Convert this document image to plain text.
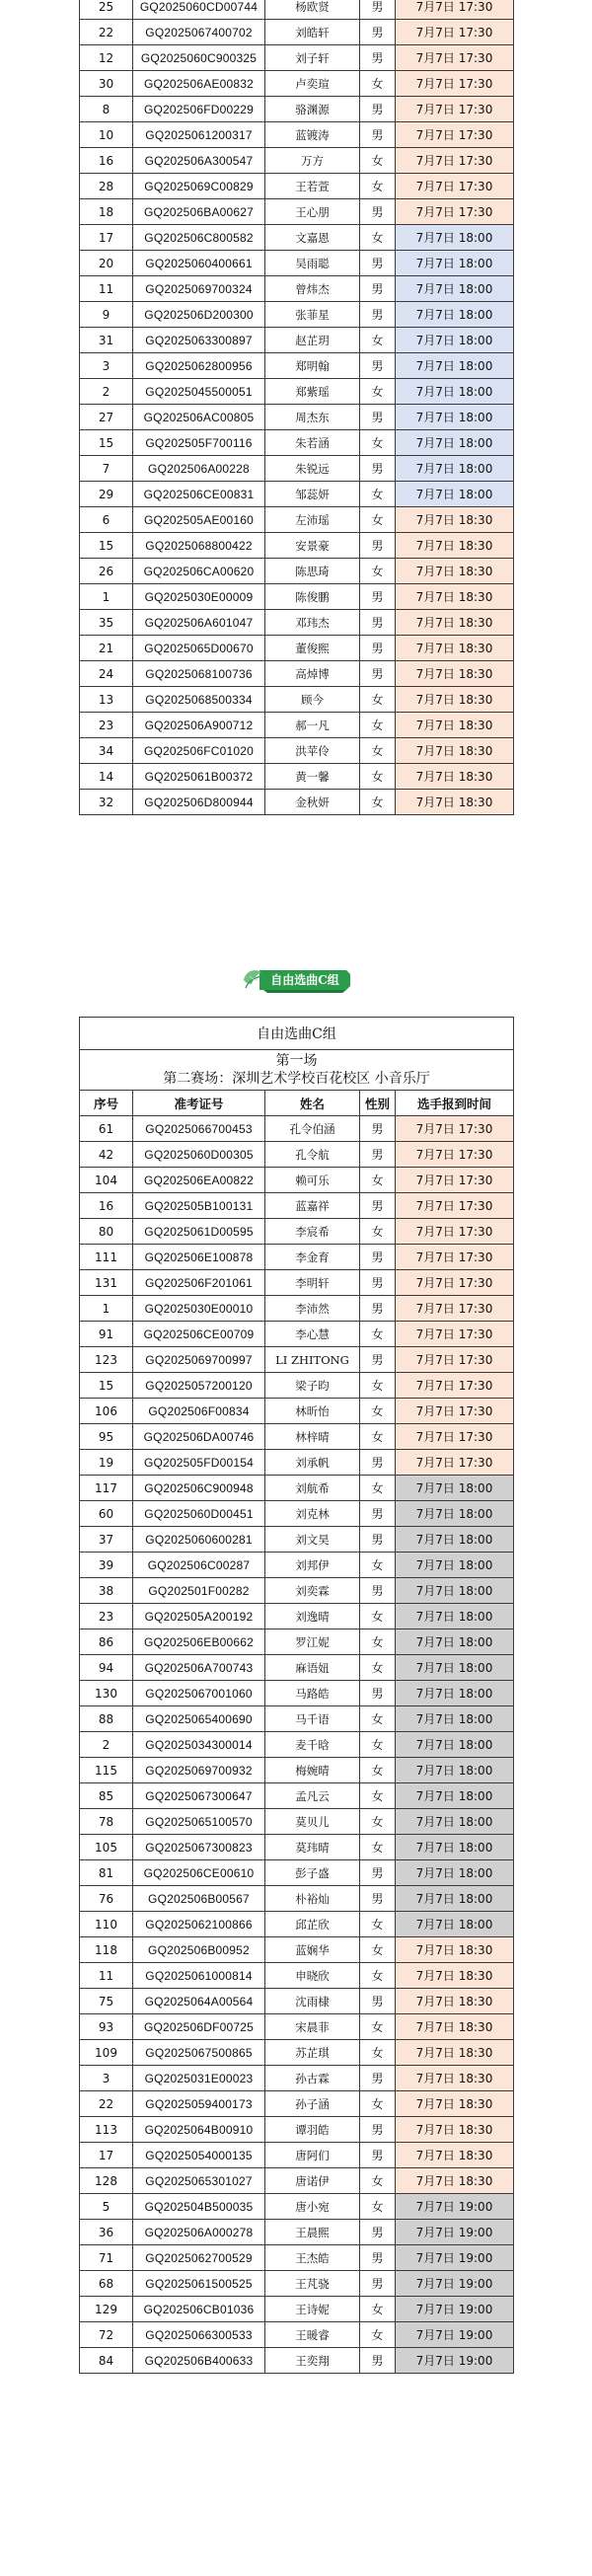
25	GQ2025060CD00744	杨欧贤	男	7月7日 17:30
22	GQ2025067400702	刘皓轩	男	7月7日 17:30
12	GQ2025060C900325	刘子轩	男	7月7日 17:30
30	GQ202506AE00832	卢奕瑄	女	7月7日 17:30
8	GQ202506FD00229	骆渊源	男	7月7日 17:30
10	GQ2025061200317	蓝镀涛	男	7月7日 17:30
16	GQ202506A300547	万方	女	7月7日 17:30
28	GQ2025069C00829	王若萱	女	7月7日 17:30
18	GQ202506BA00627	王心朋	男	7月7日 17:30
17	GQ202506C800582	文嘉恩	女	7月7日 18:00
20	GQ2025060400661	吴雨聪	男	7月7日 18:00
11	GQ2025069700324	曾炜杰	男	7月7日 18:00
9	GQ202506D200300	张菲星	男	7月7日 18:00
31	GQ2025063300897	赵芷玥	女	7月7日 18:00
3	GQ2025062800956	郑明翰	男	7月7日 18:00
2	GQ2025045500051	郑紫瑶	女	7月7日 18:00
27	GQ202506AC00805	周杰东	男	7月7日 18:00
15	GQ202505F700116	朱若涵	女	7月7日 18:00
7	GQ202506A00228	朱锐远	男	7月7日 18:00
29	GQ202506CE00831	邹蕊妍	女	7月7日 18:00
6	GQ202505AE00160	左沛瑶	女	7月7日 18:30
15	GQ2025068800422	安景豪	男	7月7日 18:30
26	GQ202506CA00620	陈思琦	女	7月7日 18:30
1	GQ2025030E00009	陈俊鹏	男	7月7日 18:30
35	GQ202506A601047	邓玮杰	男	7月7日 18:30
21	GQ2025065D00670	董俊熙	男	7月7日 18:30
24	GQ2025068100736	高焯博	男	7月7日 18:30
13	GQ2025068500334	顾今	女	7月7日 18:30
23	GQ202506A900712	郝一凡	女	7月7日 18:30
34	GQ202506FC01020	洪苹伶	女	7月7日 18:30
14	GQ2025061B00372	黄一馨	女	7月7日 18:30
32	GQ202506D800944	金秋妍	女	7月7日 18:30
自由选曲C组
自由选曲C组				

第一场
第二赛场：深圳艺术学校百花校区 小音乐厅				

序号	准考证号	姓名	性别	选手报到时间
61	GQ2025066700453	孔令伯涵	男	7月7日 17:30
42	GQ2025060D00305	孔令航	男	7月7日 17:30
104	GQ202506EA00822	赖可乐	女	7月7日 17:30
16	GQ202505B100131	蓝嘉祥	男	7月7日 17:30
80	GQ2025061D00595	李宸希	女	7月7日 17:30
111	GQ202506E100878	李金育	男	7月7日 17:30
131	GQ202506F201061	李明轩	男	7月7日 17:30
1	GQ2025030E00010	李沛然	男	7月7日 17:30
91	GQ202506CE00709	李心慧	女	7月7日 17:30
123	GQ2025069700997	LI ZHITONG	男	7月7日 17:30
15	GQ2025057200120	梁子昀	女	7月7日 17:30
106	GQ202506F00834	林昕怡	女	7月7日 17:30
95	GQ202506DA00746	林梓晴	女	7月7日 17:30
19	GQ202505FD00154	刘承帆	男	7月7日 17:30
117	GQ202506C900948	刘航希	女	7月7日 18:00
60	GQ2025060D00451	刘克林	男	7月7日 18:00
37	GQ2025060600281	刘文昊	男	7月7日 18:00
39	GQ202506C00287	刘邦伊	女	7月7日 18:00
38	GQ202501F00282	刘奕霖	男	7月7日 18:00
23	GQ202505A200192	刘逸晴	女	7月7日 18:00
86	GQ202506EB00662	罗江妮	女	7月7日 18:00
94	GQ202506A700743	麻语妞	女	7月7日 18:00
130	GQ2025067001060	马路皓	男	7月7日 18:00
88	GQ2025065400690	马千语	女	7月7日 18:00
2	GQ2025034300014	麦千晗	女	7月7日 18:00
115	GQ2025069700932	梅婉晴	女	7月7日 18:00
85	GQ2025067300647	孟凡云	女	7月7日 18:00
78	GQ2025065100570	莫贝儿	女	7月7日 18:00
105	GQ2025067300823	莫玮晴	女	7月7日 18:00
81	GQ202506CE00610	彭子盛	男	7月7日 18:00
76	GQ202506B00567	朴裕灿	男	7月7日 18:00
110	GQ2025062100866	邱芷欣	女	7月7日 18:00
118	GQ202506B00952	蓝娴华	女	7月7日 18:30
11	GQ2025061000814	申晓欣	女	7月7日 18:30
75	GQ2025064A00564	沈雨棣	男	7月7日 18:30
93	GQ202506DF00725	宋晨菲	女	7月7日 18:30
109	GQ2025067500865	苏芷琪	女	7月7日 18:30
3	GQ2025031E00023	孙古霖	男	7月7日 18:30
22	GQ2025059400173	孙子涵	女	7月7日 18:30
113	GQ2025064B00910	谭羽皓	男	7月7日 18:30
17	GQ2025054000135	唐阿们	男	7月7日 18:30
128	GQ2025065301027	唐诺伊	女	7月7日 18:30
5	GQ202504B500035	唐小宛	女	7月7日 19:00
36	GQ202506A000278	王晨熙	男	7月7日 19:00
71	GQ2025062700529	王杰皓	男	7月7日 19:00
68	GQ2025061500525	王芃骁	男	7月7日 19:00
129	GQ202506CB01036	王诗妮	女	7月7日 19:00
72	GQ2025066300533	王暖睿	女	7月7日 19:00
84	GQ202506B400633	王奕翔	男	7月7日 19:00
